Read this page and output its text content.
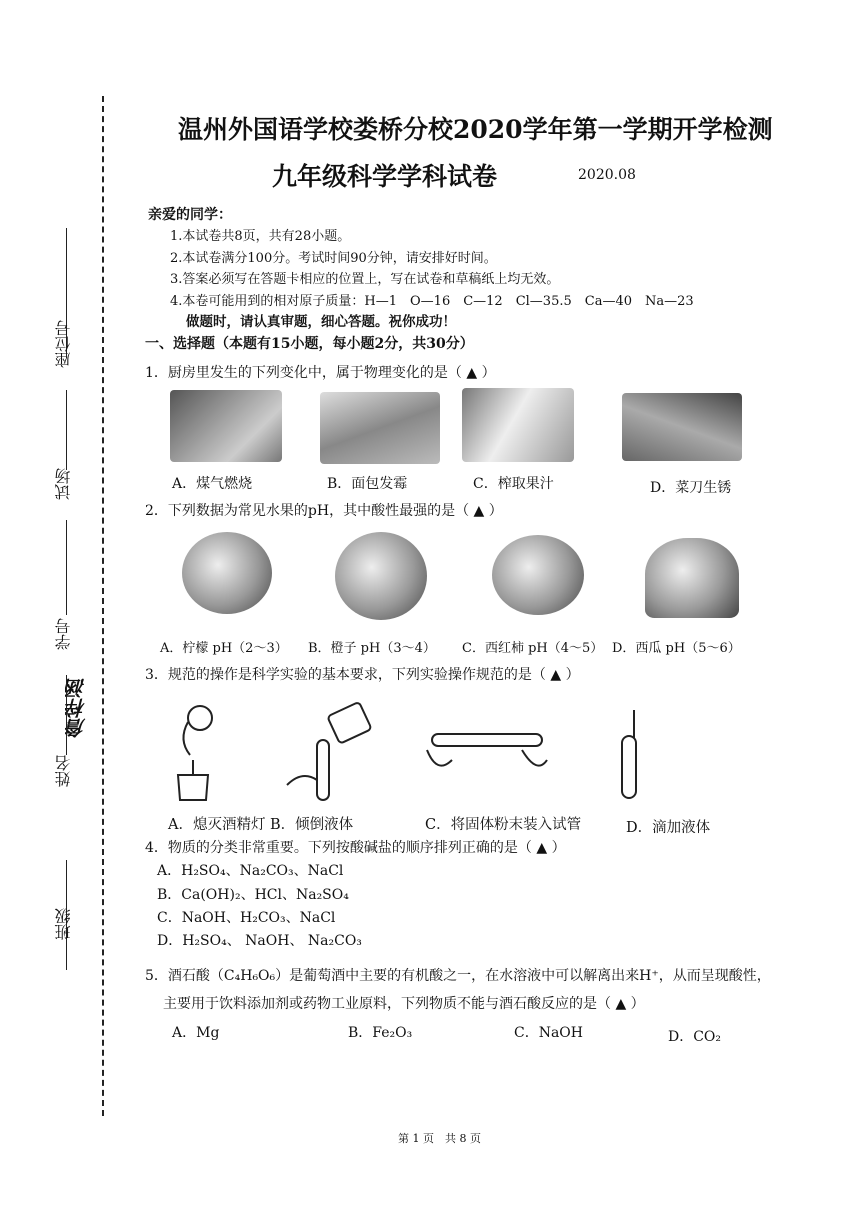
座位号
试场
学号
詹梓涵
姓名
班级
温州外国语学校娄桥分校2020学年第一学期开学检测
九年级科学学科试卷	2020.08
亲爱的同学：
1.本试卷共8页，共有28小题。
2.本试卷满分100分。考试时间90分钟，请安排好时间。
3.答案必须写在答题卡相应的位置上，写在试卷和草稿纸上均无效。
4.本卷可能用到的相对原子质量：H—1　O—16　C—12　Cl—35.5　Ca—40　Na—23
做题时，请认真审题，细心答题。祝你成功！
一、选择题（本题有15小题，每小题2分，共30分）
1．厨房里发生的下列变化中，属于物理变化的是（ ▲ ）
A．煤气燃烧	B．面包发霉	C．榨取果汁	D．菜刀生锈
2．下列数据为常见水果的pH，其中酸性最强的是（ ▲ ）
A．柠檬 pH（2～3） B．橙子 pH（3～4） C．西红柿 pH（4～5） D．西瓜 pH（5～6）
3．规范的操作是科学实验的基本要求，下列实验操作规范的是（ ▲ ）
A．熄灭酒精灯 B．倾倒液体	C．将固体粉末装入试管	D．滴加液体
4．物质的分类非常重要。下列按酸碱盐的顺序排列正确的是（ ▲ ）
A．H₂SO₄、Na₂CO₃、NaCl
B．Ca(OH)₂、HCl、Na₂SO₄
C．NaOH、H₂CO₃、NaCl
D．H₂SO₄、 NaOH、 Na₂CO₃
5．酒石酸（C₄H₆O₆）是葡萄酒中主要的有机酸之一，在水溶液中可以解离出来H⁺，从而呈现酸性，
主要用于饮料添加剂或药物工业原料，下列物质不能与酒石酸反应的是（ ▲ ）
A．Mg	B．Fe₂O₃	C．NaOH	D．CO₂
第 1 页　共 8 页
